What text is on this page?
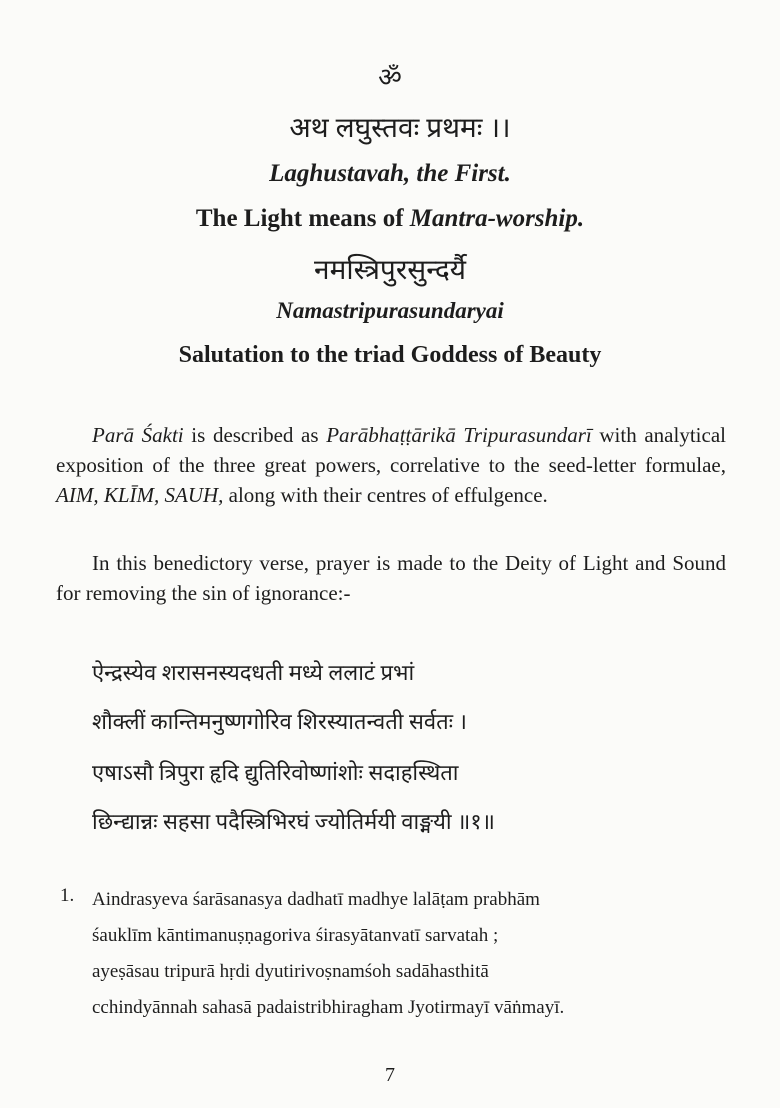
ॐ
अथ लघुस्तवः प्रथमः ।।
Laghustavah, the First.
The Light means of Mantra-worship.
नमस्त्रिपुरसुन्दर्यै
Namastripurasundaryai
Salutation to the triad Goddess of Beauty
Parā Śakti is described as Parābhaṭṭārikā Tripurasundarī with analytical exposition of the three great powers, correlative to the seed-letter formulae, AIM, KLĪM, SAUH, along with their centres of effulgence.
In this benedictory verse, prayer is made to the Deity of Light and Sound for removing the sin of ignorance:-
ऐन्द्रस्येव शरासनस्यदधती मध्ये ललाटं प्रभां
शौक्लीं कान्तिमनुष्णगोरिव शिरस्यातन्वती सर्वतः ।
एषाऽसौ त्रिपुरा हृदि द्युतिरिवोष्णांशोः सदाहस्थिता
छिन्द्यान्नः सहसा पदैस्त्रिभिरघं ज्योतिर्मयी वाङ्मयी ॥१॥
1. Aindrasyeva śarāsanasya dadhatī madhye lalāṭam prabhām
śauklīm kāntimanuṣṇagoriva śirasyātanvatī sarvatah ;
ayeṣāsau tripurā hṛdi dyutirivoṣnamśoh sadāhasthitā
cchindyānnah sahasā padaistribhiragham Jyotirmayī vāṅmayī.
7
